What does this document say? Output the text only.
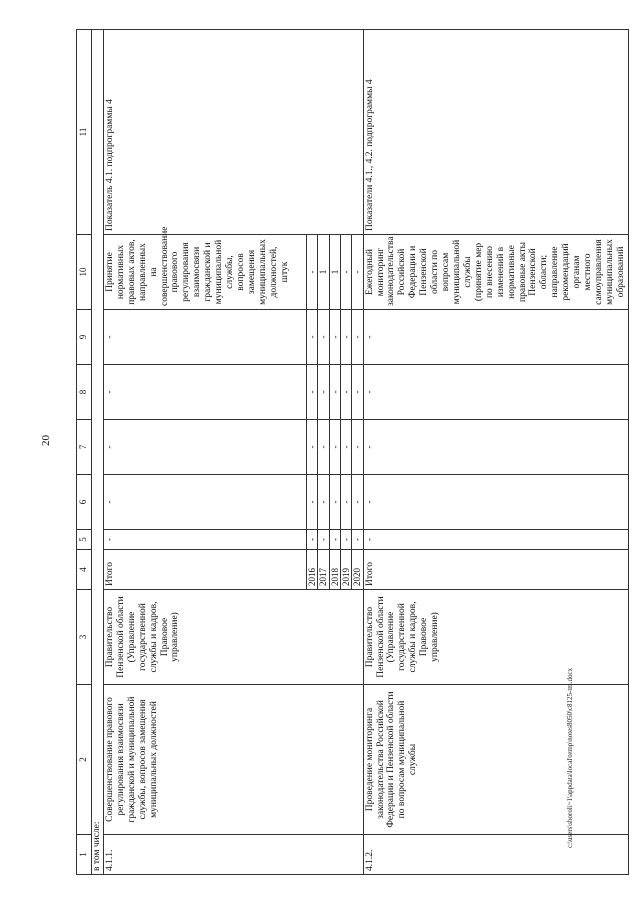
20
1	2	3	4	5	6	7	8	9	10	11
в том числе:										
4.1.1.	Совершенствование правового регулирования взаимосвязи гражданской и муниципальной службы, вопросов замещения муниципальных должностей	Правительство Пензенской области (Управление государственной службы и кадров, Правовое управление)	Итого	-	-	-	-	-	Принятие нормативных правовых актов, направленных на совершенствование правового регулирования взаимосвязи гражданской и муниципальной службы, вопросов замещения муниципальных должностей, штук	Показатель 4.1. подпрограммы 4
			2016	-	-	-	-	-	-	
			2017	-	-	-	-	-	1	
			2018	-	-	-	-	-	1	
			2019	-	-	-	-	-	-	
			2020	-	-	-	-	-	-	
4.1.2.	Проведение мониторинга законодательства Российской Федерации и Пензенской области по вопросам муниципальной службы	Правительство Пензенской области (Управление государственной службы и кадров, Правовое управление)	Итого	-	-	-	-	-	Ежегодный мониторинг законодательства Российской Федерации и Пензенской области по вопросам муниципальной службы (принятие мер по внесению изменений в нормативные правовые акты Пензенской области; направление рекомендаций органам местного самоуправления муниципальных образований	Показатели 4.1., 4.2. подпрограммы 4
c:\users\sboroli~1\appdata\local\temp\notes8050\c8125-tm.docx
